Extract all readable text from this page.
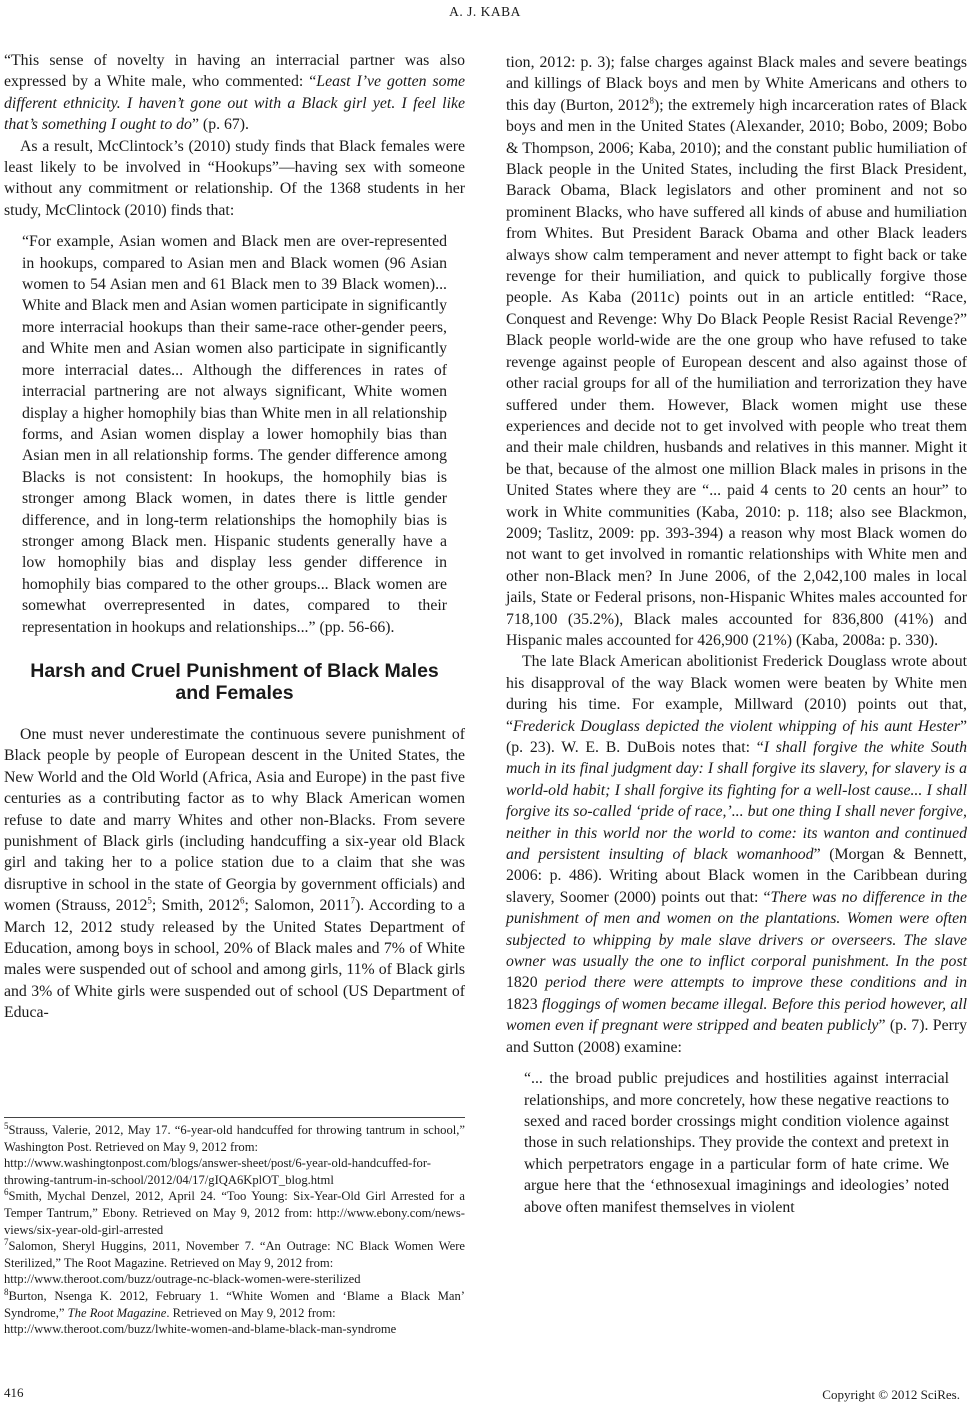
A. J. KABA

“This sense of novelty in having an interracial partner was also expressed by a White male, who commented: “Least I’ve gotten some different ethnicity. I haven’t gone out with a Black girl yet. I feel like that’s something I ought to do” (p. 67).

As a result, McClintock’s (2010) study finds that Black females were least likely to be involved in “Hookups”—having sex with someone without any commitment or relationship. Of the 1368 students in her study, McClintock (2010) finds that:

“For example, Asian women and Black men are over-represented in hookups, compared to Asian men and Black women (96 Asian women to 54 Asian men and 61 Black men to 39 Black women)... White and Black men and Asian women participate in significantly more interracial hookups than their same-race other-gender peers, and White men and Asian women also participate in significantly more interracial dates... Although the differences in rates of interracial partnering are not always significant, White women display a higher homophily bias than White men in all relationship forms, and Asian women display a lower homophily bias than Asian men in all relationship forms. The gender difference among Blacks is not consistent: In hookups, the homophily bias is stronger among Black women, in dates there is little gender difference, and in long-term relationships the homophily bias is stronger among Black men. Hispanic students generally have a low homophily bias and display less gender difference in homophily bias compared to the other groups... Black women are somewhat overrepresented in dates, compared to their representation in hookups and relationships...” (pp. 56-66).

Harsh and Cruel Punishment of Black Males
and Females

One must never underestimate the continuous severe punishment of Black people by people of European descent in the United States, the New World and the Old World (Africa, Asia and Europe) in the past five centuries as a contributing factor as to why Black American women refuse to date and marry Whites and other non-Blacks. From severe punishment of Black girls (including handcuffing a six-year old Black girl and taking her to a police station due to a claim that she was disruptive in school in the state of Georgia by government officials) and women (Strauss, 2012$^5$; Smith, 2012$^6$; Salomon, 2011$^7$). According to a March 12, 2012 study released by the United States Department of Education, among boys in school, 20% of Black males and 7% of White males were suspended out of school and among girls, 11% of Black girls and 3% of White girls were suspended out of school (US Department of Educa-

$^5$Strauss, Valerie, 2012, May 17. “6-year-old handcuffed for throwing tantrum in school,” Washington Post. Retrieved on May 9, 2012 from:

http://www.washingtonpost.com/blogs/answer-sheet/post/6-year-old-handcuffed-for-throwing-tantrum-in-school/2012/04/17/gIQA6KplOT_blog.html

$^6$Smith, Mychal Denzel, 2012, April 24. “Too Young: Six-Year-Old Girl Arrested for a Temper Tantrum,” Ebony. Retrieved on May 9, 2012 from: http://www.ebony.com/news-views/six-year-old-girl-arrested

$^7$Salomon, Sheryl Huggins, 2011, November 7. “An Outrage: NC Black Women Were Sterilized,” The Root Magazine. Retrieved on May 9, 2012 from:

http://www.theroot.com/buzz/outrage-nc-black-women-were-sterilized

$^8$Burton, Nsenga K. 2012, February 1. “White Women and ‘Blame a Black Man’ Syndrome,” The Root Magazine. Retrieved on May 9, 2012 from:

http://www.theroot.com/buzz/lwhite-women-and-blame-black-man-syndrome

tion, 2012: p. 3); false charges against Black males and severe beatings and killings of Black boys and men by White Americans and others to this day (Burton, 2012$^8$); the extremely high incarceration rates of Black boys and men in the United States (Alexander, 2010; Bobo, 2009; Bobo & Thompson, 2006; Kaba, 2010); and the constant public humiliation of Black people in the United States, including the first Black President, Barack Obama, Black legislators and other prominent and not so prominent Blacks, who have suffered all kinds of abuse and humiliation from Whites. But President Barack Obama and other Black leaders always show calm temperament and never attempt to fight back or take revenge for their humiliation, and quick to publically forgive those people. As Kaba (2011c) points out in an article entitled: “Race, Conquest and Revenge: Why Do Black People Resist Racial Revenge?” Black people world-wide are the one group who have refused to take revenge against people of European descent and also against those of other racial groups for all of the humiliation and terrorization they have suffered under them. However, Black women might use these experiences and decide not to get involved with people who treat them and their male children, husbands and relatives in this manner. Might it be that, because of the almost one million Black males in prisons in the United States where they are “... paid 4 cents to 20 cents an hour” to work in White communities (Kaba, 2010: p. 118; also see Blackmon, 2009; Taslitz, 2009: pp. 393-394) a reason why most Black women do not want to get involved in romantic relationships with White men and other non-Black men? In June 2006, of the 2,042,100 males in local jails, State or Federal prisons, non-Hispanic Whites males accounted for 718,100 (35.2%), Black males accounted for 836,800 (41%) and Hispanic males accounted for 426,900 (21%) (Kaba, 2008a: p. 330).

The late Black American abolitionist Frederick Douglass wrote about his disapproval of the way Black women were beaten by White men during his time. For example, Millward (2010) points out that, “Frederick Douglass depicted the violent whipping of his aunt Hester” (p. 23). W. E. B. DuBois notes that: “I shall forgive the white South much in its final judgment day: I shall forgive its slavery, for slavery is a world-old habit; I shall forgive its fighting for a well-lost cause... I shall forgive its so-called ‘pride of race,’... but one thing I shall never forgive, neither in this world nor the world to come: its wanton and continued and persistent insulting of black womanhood” (Morgan & Bennett, 2006: p. 486). Writing about Black women in the Caribbean during slavery, Soomer (2000) points out that: “There was no difference in the punishment of men and women on the plantations. Women were often subjected to whipping by male slave drivers or overseers. The slave owner was usually the one to inflict corporal punishment. In the post 1820 period there were attempts to improve these conditions and in 1823 floggings of women became illegal. Before this period however, all women even if pregnant were stripped and beaten publicly” (p. 7). Perry and Sutton (2008) examine:

“... the broad public prejudices and hostilities against interracial relationships, and more concretely, how these negative reactions to sexed and raced border crossings might condition violence against those in such relationships. They provide the context and pretext in which perpetrators engage in a particular form of hate crime. We argue here that the ‘ethnosexual imaginings and ideologies’ noted above often manifest themselves in violent

416	Copyright © 2012 SciRes.
